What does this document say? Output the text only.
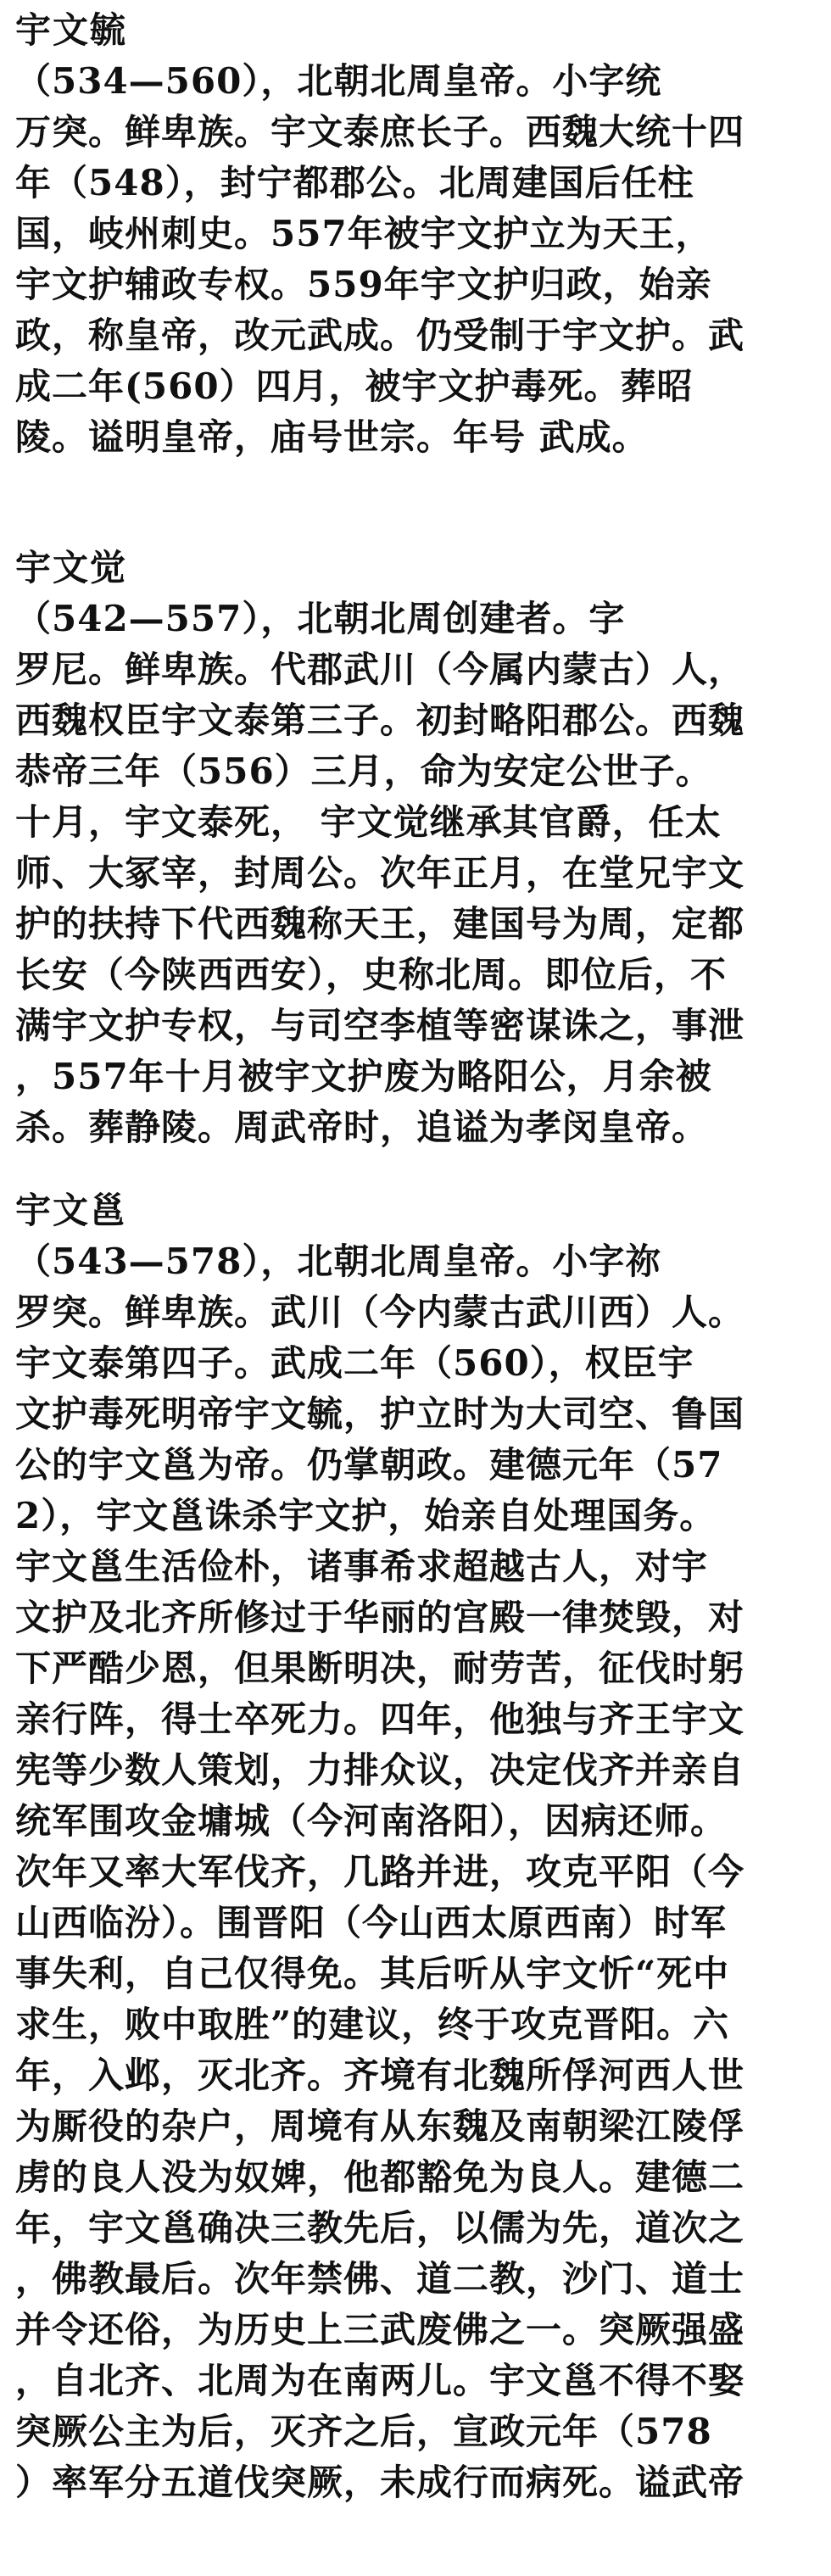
宇文毓
（534—560），北朝北周皇帝。小字统
万突。鲜卑族。宇文泰庶长子。西魏大统十四
年（548），封宁都郡公。北周建国后任柱
国，岐州刺史。557年被宇文护立为天王，
宇文护辅政专权。559年宇文护归政，始亲
政，称皇帝，改元武成。仍受制于宇文护。武
成二年(560）四月，被宇文护毒死。葬昭
陵。谥明皇帝，庙号世宗。年号 武成。
宇文觉
（542—557），北朝北周创建者。字
罗尼。鲜卑族。代郡武川（今属内蒙古）人，
西魏权臣宇文泰第三子。初封略阳郡公。西魏
恭帝三年（556）三月，命为安定公世子。
十月，宇文泰死， 宇文觉继承其官爵，任太
师、大冢宰，封周公。次年正月，在堂兄宇文
护的扶持下代西魏称天王，建国号为周，定都
长安（今陕西西安），史称北周。即位后，不
满宇文护专权，与司空李植等密谋诛之，事泄
，557年十月被宇文护废为略阳公，月余被
杀。葬静陵。周武帝时，追谥为孝闵皇帝。
宇文邕
（543—578），北朝北周皇帝。小字祢
罗突。鲜卑族。武川（今内蒙古武川西）人。
宇文泰第四子。武成二年（560），权臣宇
文护毒死明帝宇文毓，护立时为大司空、鲁国
公的宇文邕为帝。仍掌朝政。建德元年（57
2），宇文邕诛杀宇文护，始亲自处理国务。
宇文邕生活俭朴，诸事希求超越古人，对宇
文护及北齐所修过于华丽的宫殿一律焚毁，对
下严酷少恩，但果断明决，耐劳苦，征伐时躬
亲行阵，得士卒死力。四年，他独与齐王宇文
宪等少数人策划，力排众议，决定伐齐并亲自
统军围攻金墉城（今河南洛阳），因病还师。
次年又率大军伐齐，几路并进，攻克平阳（今
山西临汾）。围晋阳（今山西太原西南）时军
事失利，自己仅得免。其后听从宇文忻“死中
求生，败中取胜”的建议，终于攻克晋阳。六
年，入邺，灭北齐。齐境有北魏所俘河西人世
为厮役的杂户，周境有从东魏及南朝梁江陵俘
虏的良人没为奴婢，他都豁免为良人。建德二
年，宇文邕确决三教先后，以儒为先，道次之
，佛教最后。次年禁佛、道二教，沙门、道士
并令还俗，为历史上三武废佛之一。突厥强盛
，自北齐、北周为在南两儿。宇文邕不得不娶
突厥公主为后，灭齐之后，宣政元年（578
）率军分五道伐突厥，未成行而病死。谥武帝
